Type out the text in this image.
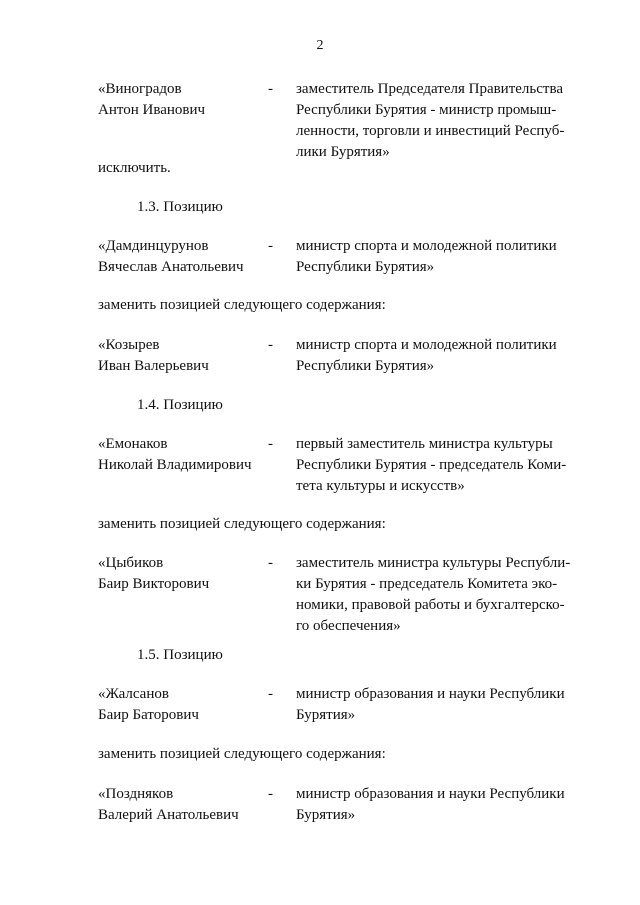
2
«Виноградов
Антон Иванович
- заместитель Председателя Правительства
Республики Бурятия - министр промыш-
ленности, торговли и инвестиций Респуб-
лики Бурятия»
исключить.
1.3. Позицию
«Дамдинцурунов
Вячеслав Анатольевич
- министр спорта и молодежной политики
Республики Бурятия»
заменить позицией следующего содержания:
«Козырев
Иван Валерьевич
- министр спорта и молодежной политики
Республики Бурятия»
1.4. Позицию
«Емонаков
Николай Владимирович
- первый заместитель министра культуры
Республики Бурятия - председатель Коми-
тета культуры и искусств»
заменить позицией следующего содержания:
«Цыбиков
Баир Викторович
- заместитель министра культуры Республи-
ки Бурятия - председатель Комитета эко-
номики, правовой работы и бухгалтерско-
го обеспечения»
1.5. Позицию
«Жалсанов
Баир Баторович
- министр образования и науки Республики
Бурятия»
заменить позицией следующего содержания:
«Поздняков
Валерий Анатольевич
- министр образования и науки Республики
Бурятия»
